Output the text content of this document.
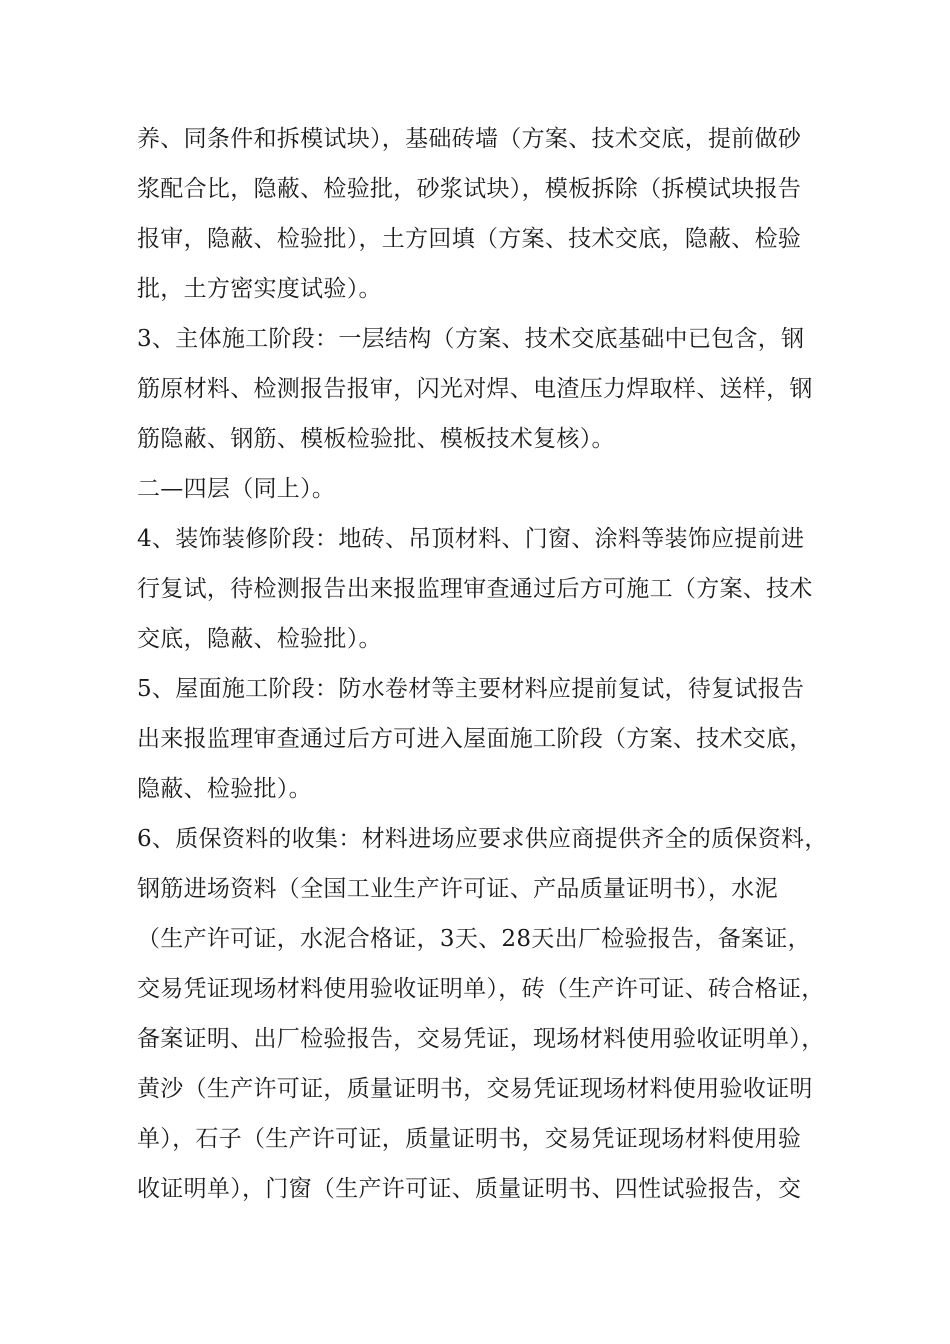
养、同条件和拆模试块），基础砖墙（方案、技术交底，提前做砂
浆配合比，隐蔽、检验批，砂浆试块），模板拆除（拆模试块报告
报审，隐蔽、检验批），土方回填（方案、技术交底，隐蔽、检验
批，土方密实度试验）。
3、主体施工阶段：一层结构（方案、技术交底基础中已包含，钢
筋原材料、检测报告报审，闪光对焊、电渣压力焊取样、送样，钢
筋隐蔽、钢筋、模板检验批、模板技术复核）。
二—四层（同上）。
4、装饰装修阶段：地砖、吊顶材料、门窗、涂料等装饰应提前进
行复试，待检测报告出来报监理审查通过后方可施工（方案、技术
交底，隐蔽、检验批）。
5、屋面施工阶段：防水卷材等主要材料应提前复试，待复试报告
出来报监理审查通过后方可进入屋面施工阶段（方案、技术交底，
隐蔽、检验批）。
6、质保资料的收集：材料进场应要求供应商提供齐全的质保资料，
钢筋进场资料（全国工业生产许可证、产品质量证明书），水泥
（生产许可证，水泥合格证，3天、28天出厂检验报告，备案证，
交易凭证现场材料使用验收证明单），砖（生产许可证、砖合格证，
备案证明、出厂检验报告，交易凭证，现场材料使用验收证明单），
黄沙（生产许可证，质量证明书，交易凭证现场材料使用验收证明
单），石子（生产许可证，质量证明书，交易凭证现场材料使用验
收证明单），门窗（生产许可证、质量证明书、四性试验报告，交
